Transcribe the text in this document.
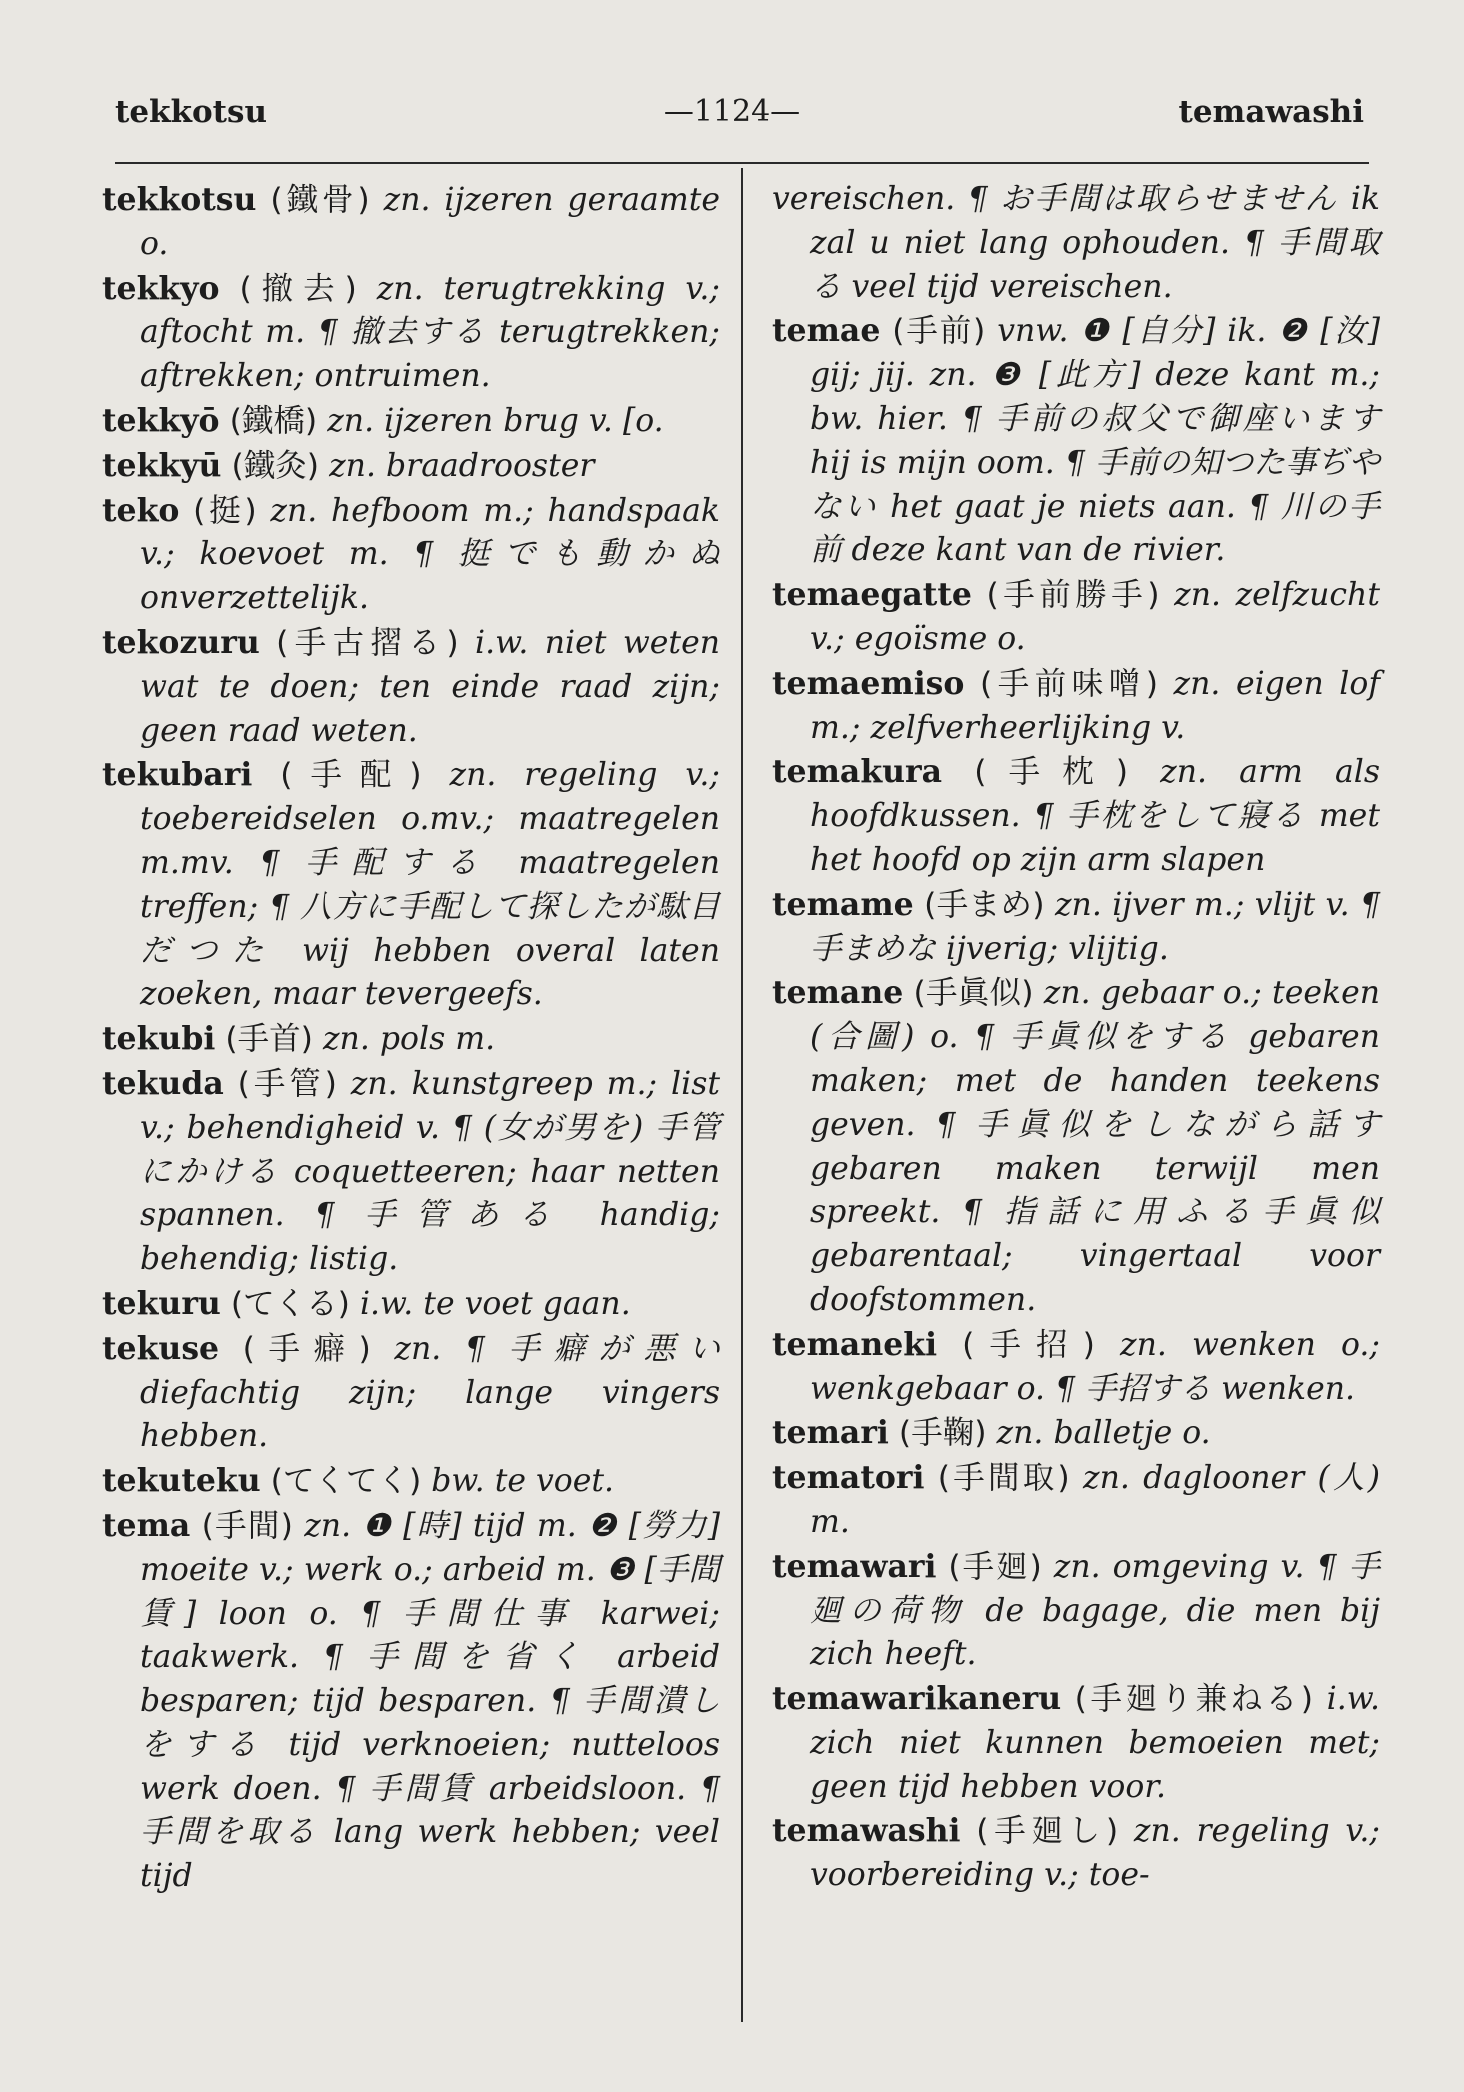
tekkotsu	—1124—	temawashi

tekkotsu (鐵骨) zn. ijzeren geraamte o.

tekkyo (撤去) zn. terugtrekking v.; aftocht m. ¶ 撤去する terugtrekken; aftrekken; ontruimen.

tekkyō (鐵橋) zn. ijzeren brug v. [o.

tekkyū (鐵灸) zn. braadrooster

teko (挺) zn. hefboom m.; handspaak v.; koevoet m. ¶ 挺でも動かぬ onverzettelijk.

tekozuru (手古摺る) i.w. niet weten wat te doen; ten einde raad zijn; geen raad weten.

tekubari (手配) zn. regeling v.; toebereidselen o.mv.; maatregelen m.mv. ¶ 手配する maatregelen treffen; ¶ 八方に手配して探したが駄目だつた wij hebben overal laten zoeken, maar tevergeefs.

tekubi (手首) zn. pols m.

tekuda (手管) zn. kunstgreep m.; list v.; behendigheid v. ¶ (女が男を) 手管にかける coquetteeren; haar netten spannen. ¶ 手管ある handig; behendig; listig.

tekuru (てくる) i.w. te voet gaan.

tekuse (手癖) zn. ¶ 手癖が悪い diefachtig zijn; lange vingers hebben.

tekuteku (てくてく) bw. te voet.

tema (手間) zn. ❶ [時] tijd m. ❷ [勞力] moeite v.; werk o.; arbeid m. ❸ [手間賃] loon o. ¶ 手間仕事 karwei; taakwerk. ¶ 手間を省く arbeid besparen; tijd besparen. ¶ 手間潰しをする tijd verknoeien; nutteloos werk doen. ¶ 手間賃 arbeidsloon. ¶ 手間を取る lang werk hebben; veel tijd

vereischen. ¶ お手間は取らせません ik zal u niet lang ophouden. ¶ 手間取る veel tijd vereischen.

temae (手前) vnw. ❶ [自分] ik. ❷ [汝] gij; jij. zn. ❸ [此方] deze kant m.; bw. hier. ¶ 手前の叔父で御座います hij is mijn oom. ¶ 手前の知つた事ぢやない het gaat je niets aan. ¶ 川の手前 deze kant van de rivier.

temaegatte (手前勝手) zn. zelfzucht v.; egoïsme o.

temaemiso (手前味噌) zn. eigen lof m.; zelfverheerlijking v.

temakura (手枕) zn. arm als hoofdkussen. ¶ 手枕をして寢る met het hoofd op zijn arm slapen

temame (手まめ) zn. ijver m.; vlijt v. ¶ 手まめな ijverig; vlijtig.

temane (手眞似) zn. gebaar o.; teeken (合圖) o. ¶ 手眞似をする gebaren maken; met de handen teekens geven. ¶ 手眞似をしながら話す gebaren maken terwijl men spreekt. ¶ 指話に用ふる手眞似 gebarentaal; vingertaal voor doofstommen.

temaneki (手招) zn. wenken o.; wenkgebaar o. ¶ 手招する wenken.

temari (手鞠) zn. balletje o.

tematori (手間取) zn. daglooner (人) m.

temawari (手廻) zn. omgeving v. ¶ 手廻の荷物 de bagage, die men bij zich heeft.

temawarikaneru (手廻り兼ねる) i.w. zich niet kunnen bemoeien met; geen tijd hebben voor.

temawashi (手廻し) zn. regeling v.; voorbereiding v.; toe-
